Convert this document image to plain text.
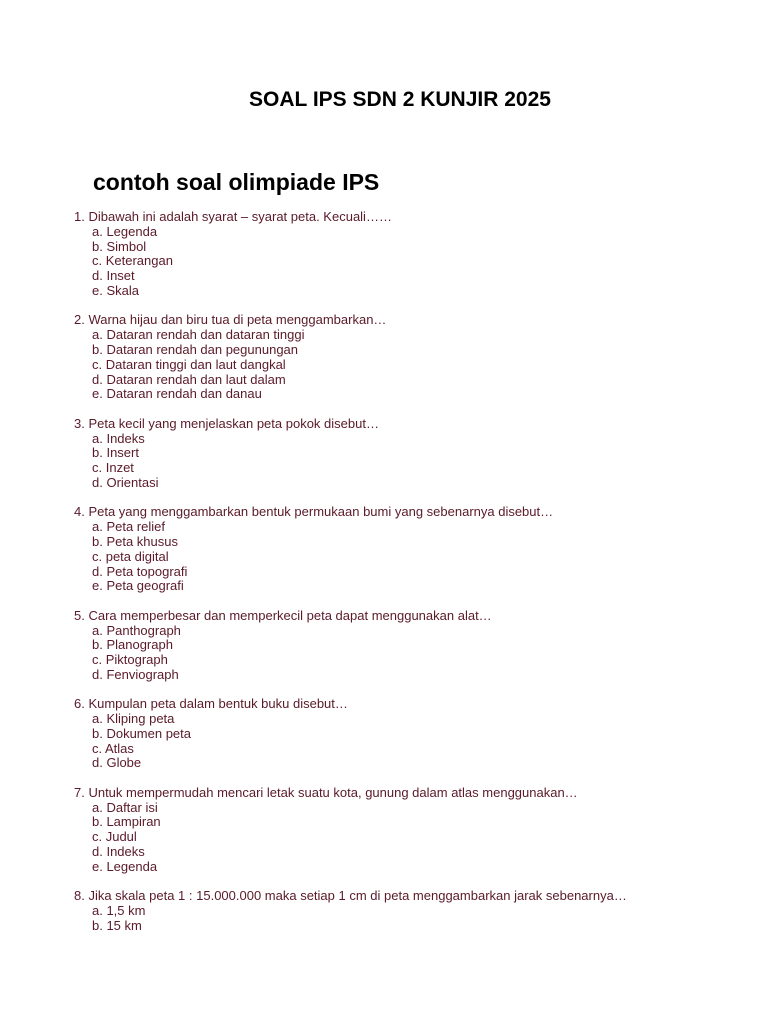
SOAL IPS SDN 2 KUNJIR 2025
contoh soal olimpiade IPS
1. Dibawah ini adalah syarat – syarat peta. Kecuali……
a. Legenda
b. Simbol
c. Keterangan
d. Inset
e. Skala
2. Warna hijau dan biru tua di peta menggambarkan…
a. Dataran rendah dan dataran tinggi
b. Dataran rendah dan pegunungan
c. Dataran tinggi dan laut dangkal
d. Dataran rendah dan laut dalam
e. Dataran rendah dan danau
3. Peta kecil yang menjelaskan peta pokok disebut…
a. Indeks
b. Insert
c. Inzet
d. Orientasi
4. Peta yang menggambarkan bentuk permukaan bumi yang sebenarnya disebut…
a. Peta relief
b. Peta khusus
c. peta digital
d. Peta topografi
e. Peta geografi
5. Cara memperbesar dan memperkecil peta dapat menggunakan alat…
a. Panthograph
b. Planograph
c. Piktograph
d. Fenviograph
6. Kumpulan peta dalam bentuk buku disebut…
a. Kliping peta
b. Dokumen peta
c. Atlas
d. Globe
7. Untuk mempermudah mencari letak suatu kota, gunung dalam atlas menggunakan…
a. Daftar isi
b. Lampiran
c. Judul
d. Indeks
e. Legenda
8. Jika skala peta 1 : 15.000.000 maka setiap 1 cm di peta menggambarkan jarak sebenarnya…
a. 1,5 km
b. 15 km
